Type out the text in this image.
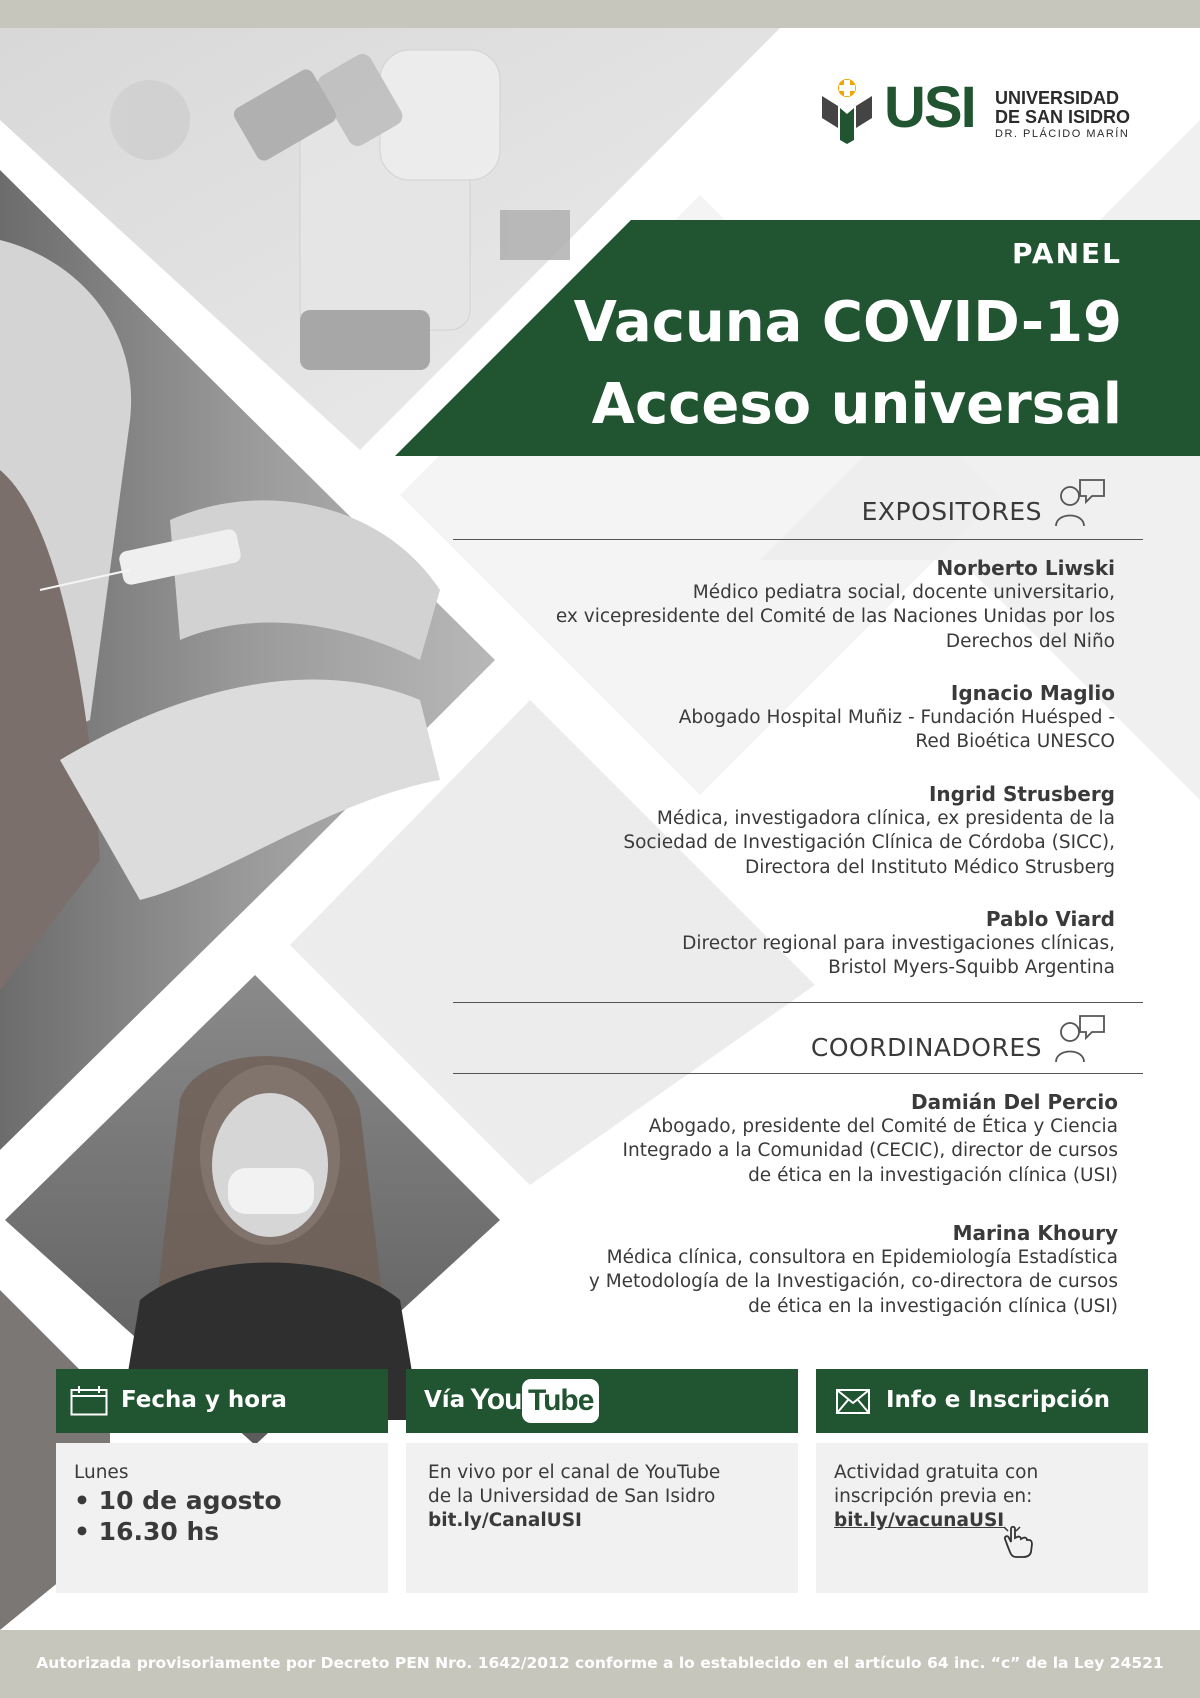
USI UNIVERSIDAD
DE SAN ISIDRO
DR. PLÁCIDO MARÍN
PANEL
Vacuna COVID-19
Acceso universal
EXPOSITORES
Norberto Liwski
Médico pediatra social, docente universitario,
ex vicepresidente del Comité de las Naciones Unidas por los
Derechos del Niño
Ignacio Maglio
Abogado Hospital Muñiz - Fundación Huésped -
Red Bioética UNESCO
Ingrid Strusberg
Médica, investigadora clínica, ex presidenta de la
Sociedad de Investigación Clínica de Córdoba (SICC),
Directora del Instituto Médico Strusberg
Pablo Viard
Director regional para investigaciones clínicas,
Bristol Myers-Squibb Argentina
COORDINADORES
Damián Del Percio
Abogado, presidente del Comité de Ética y Ciencia
Integrado a la Comunidad (CECIC), director de cursos
de ética en la investigación clínica (USI)
Marina Khoury
Médica clínica, consultora en Epidemiología Estadística
y Metodología de la Investigación, co-directora de cursos
de ética en la investigación clínica (USI)
Fecha y hora
Lunes
• 10 de agosto
• 16.30 hs
Vía You Tube
En vivo por el canal de YouTube
de la Universidad de San Isidro
bit.ly/CanalUSI
Info e Inscripción
Actividad gratuita con
inscripción previa en:
bit.ly/vacunaUSI
Autorizada provisoriamente por Decreto PEN Nro. 1642/2012 conforme a lo establecido en el artículo 64 inc. “c” de la Ley 24521
